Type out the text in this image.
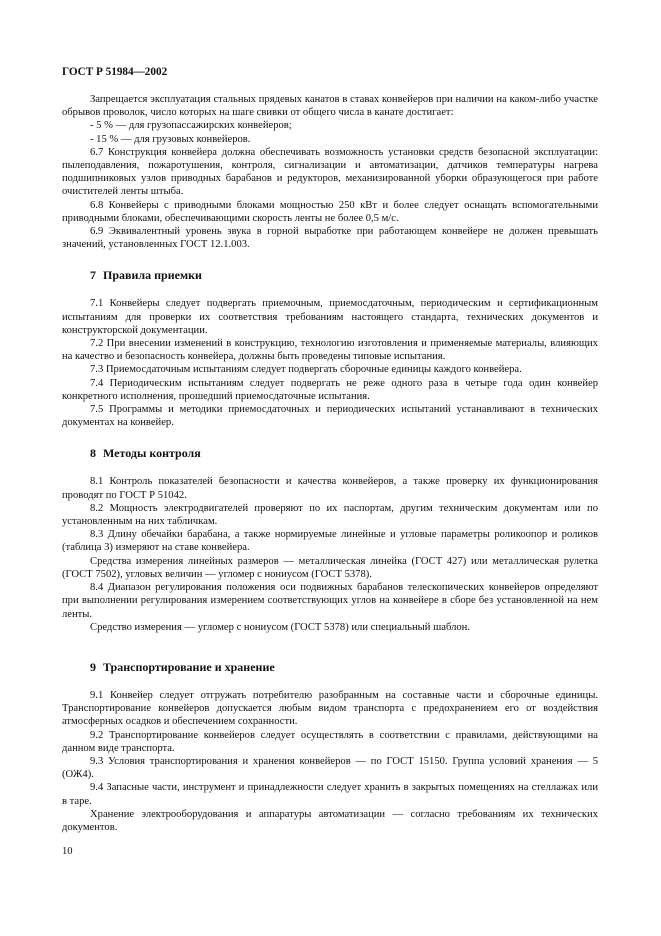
ГОСТ Р 51984—2002

Запрещается эксплуатация стальных прядевых канатов в ставах конвейеров при наличии на каком-либо участке обрывов проволок, число которых на шаге свивки от общего числа в канате достигает:

- 5 % — для грузопассажирских конвейеров;

- 15 % — для грузовых конвейеров.

6.7 Конструкция конвейера должна обеспечивать возможность установки средств безопасной эксплуатации: пылеподавления, пожаротушения, контроля, сигнализации и автоматизации, датчиков температуры нагрева подшипниковых узлов приводных барабанов и редукторов, механизированной уборки образующегося при работе очистителей ленты штыба.

6.8 Конвейеры с приводными блоками мощностью 250 кВт и более следует оснащать вспомогательными приводными блоками, обеспечивающими скорость ленты не более 0,5 м/с.

6.9 Эквивалентный уровень звука в горной выработке при работающем конвейере не должен превышать значений, установленных ГОСТ 12.1.003.

7 Правила приемки

7.1 Конвейеры следует подвергать приемочным, приемосдаточным, периодическим и сертификационным испытаниям для проверки их соответствия требованиям настоящего стандарта, технических документов и конструкторской документации.

7.2 При внесении изменений в конструкцию, технологию изготовления и применяемые материалы, влияющих на качество и безопасность конвейера, должны быть проведены типовые испытания.

7.3 Приемосдаточным испытаниям следует подвергать сборочные единицы каждого конвейера.

7.4 Периодическим испытаниям следует подвергать не реже одного раза в четыре года один конвейер конкретного исполнения, прошедший приемосдаточные испытания.

7.5 Программы и методики приемосдаточных и периодических испытаний устанавливают в технических документах на конвейер.

8 Методы контроля

8.1 Контроль показателей безопасности и качества конвейеров, а также проверку их функционирования проводят по ГОСТ Р 51042.

8.2 Мощность электродвигателей проверяют по их паспортам, другим техническим документам или по установленным на них табличкам.

8.3 Длину обечайки барабана, а также нормируемые линейные и угловые параметры роликоопор и роликов (таблица 3) измеряют на ставе конвейера.

Средства измерения линейных размеров — металлическая линейка (ГОСТ 427) или металлическая рулетка (ГОСТ 7502), угловых величин — угломер с нониусом (ГОСТ 5378).

8.4 Диапазон регулирования положения оси подвижных барабанов телескопических конвейеров определяют при выполнении регулирования измерением соответствующих углов на конвейере в сборе без установленной на нем ленты.

Средство измерения — угломер с нониусом (ГОСТ 5378) или специальный шаблон.

9 Транспортирование и хранение

9.1 Конвейер следует отгружать потребителю разобранным на составные части и сборочные единицы. Транспортирование конвейеров допускается любым видом транспорта с предохранением его от воздействия атмосферных осадков и обеспечением сохранности.

9.2 Транспортирование конвейеров следует осуществлять в соответствии с правилами, действующими на данном виде транспорта.

9.3 Условия транспортирования и хранения конвейеров — по ГОСТ 15150. Группа условий хранения — 5 (ОЖ4).

9.4 Запасные части, инструмент и принадлежности следует хранить в закрытых помещениях на стеллажах или в таре.

Хранение электрооборудования и аппаратуры автоматизации — согласно требованиям их технических документов.

10
